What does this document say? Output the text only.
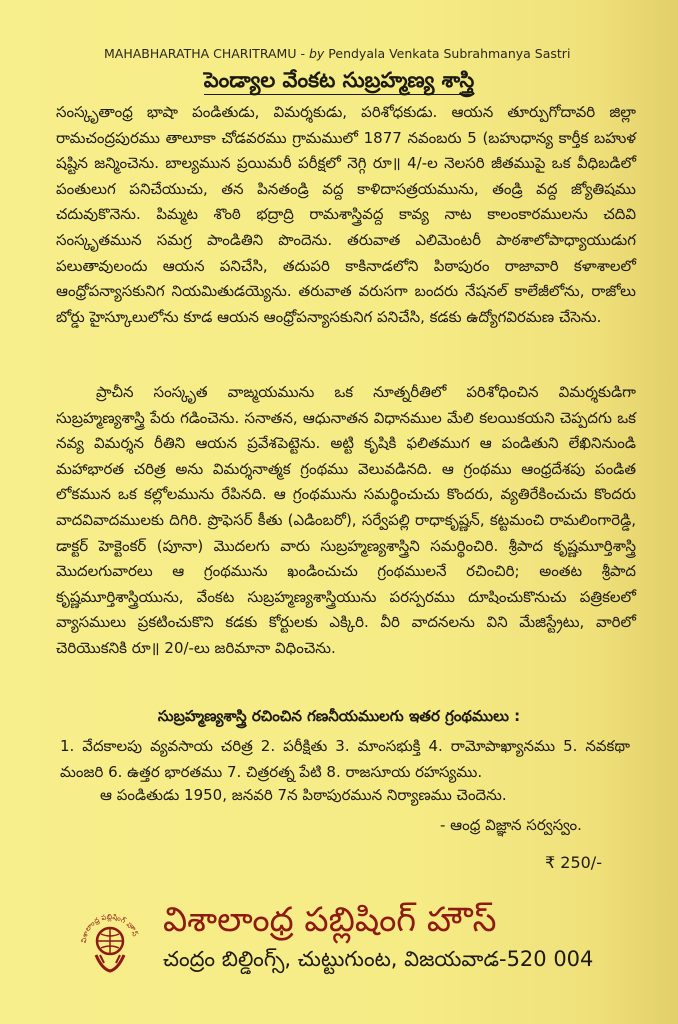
MAHABHARATHA CHARITRAMU - by Pendyala Venkata Subrahmanya Sastri
పెండ్యాల వేంకట సుబ్రహ్మణ్య శాస్త్రి
సంస్కృతాంధ్ర భాషా పండితుడు, విమర్శకుడు, పరిశోధకుడు. ఆయన తూర్పుగోదావరి జిల్లా రామచంద్రపురము తాలూకా చోడవరము గ్రామములో 1877 నవంబరు 5 (బహుధాన్య కార్తీక బహుళ షష్టిన జన్మించెను. బాల్యమున ప్రయిమరీ పరీక్షలో నెగ్గి రూ॥ 4/-ల నెలసరి జీతముపై ఒక వీధిబడిలో పంతులుగ పనిచేయుచు, తన పినతండ్రి వద్ద కాళిదాసత్రయమును, తండ్రి వద్ద జ్యోతిషము చదువుకొనెను. పిమ్మట శొంఠి భద్రాద్రి రామశాస్త్రివద్ద కావ్య నాట కాలంకారములను చదివి సంస్కృతమున సమగ్ర పాండితిని పొందెను. తరువాత ఎలిమెంటరీ పాఠశాలోపాధ్యాయుడుగ పలుతావులందు ఆయన పనిచేసి, తదుపరి కాకినాడలోని పిఠాపురం రాజావారి కళాశాలలో ఆంధ్రోపన్యాసకునిగ నియమితుడయ్యెను. తరువాత వరుసగా బందరు నేషనల్ కాలేజీలోను, రాజోలు బోర్డు హైస్కూలులోను కూడ ఆయన ఆంధ్రోపన్యాసకునిగ పనిచేసి, కడకు ఉద్యోగవిరమణ చేసెను.
ప్రాచీన సంస్కృత వాఙ్మయమును ఒక నూత్నరీతిలో పరిశోధించిన విమర్శకుడిగా సుబ్రహ్మణ్యశాస్త్రి పేరు గడించెను. సనాతన, ఆధునాతన విధానముల మేలి కలయికయని చెప్పదగు ఒక నవ్య విమర్శన రీతిని ఆయన ప్రవేశపెట్టెను. అట్టి కృషికి ఫలితముగ ఆ పండితుని లేఖినినుండి మహాభారత చరిత్ర అను విమర్శనాత్మక గ్రంథము వెలువడినది. ఆ గ్రంథము ఆంధ్రదేశపు పండిత లోకమున ఒక కల్లోలమును రేపినది. ఆ గ్రంథమును సమర్థించుచు కొందరు, వ్యతిరేకించుచు కొందరు వాదవివాదములకు దిగిరి. ప్రొఫెసర్ కీతు (ఎడింబరో), సర్వేపల్లి రాధాకృష్ణన్, కట్టమంచి రామలింగారెడ్డి, డాక్టర్ హెక్టెంకర్ (పూనా) మొదలగు వారు సుబ్రహ్మణ్యశాస్త్రిని సమర్థించిరి. శ్రీపాద కృష్ణమూర్తిశాస్త్రి మొదలగువారలు ఆ గ్రంథమును ఖండించుచు గ్రంథములనే రచించిరి; అంతట శ్రీపాద కృష్ణమూర్తిశాస్త్రియును, వేంకట సుబ్రహ్మణ్యశాస్త్రియును పరస్పరము దూషించుకొనుచు పత్రికలలో వ్యాసములు ప్రకటించుకొని కడకు కోర్టులకు ఎక్కిరి. వీరి వాదనలను విని మేజిస్ట్రేటు, వారిలో చెరియొకనికి రూ॥ 20/-లు జరిమానా విధించెను.
సుబ్రహ్మణ్యశాస్త్రి రచించిన గణనీయములగు ఇతర గ్రంథములు :
1. వేదకాలపు వ్యవసాయ చరిత్ర 2. పరీక్షితు 3. మాంసభుక్తి 4. రామోపాఖ్యానము 5. నవకథా మంజరి 6. ఉత్తర భారతము 7. చిత్రరత్న పేటి 8. రాజసూయ రహస్యము.
ఆ పండితుడు 1950, జనవరి 7న పిఠాపురమున నిర్యాణము చెందెను.
- ఆంధ్ర విజ్ఞాన సర్వస్వం.
₹ 250/-
విశాలాంధ్ర పబ్లిషింగ్ హౌస్ విశాలాంధ్ర పబ్లిషింగ్ హౌస్
చంద్రం బిల్డింగ్స్, చుట్టుగుంట, విజయవాడ-520 004
